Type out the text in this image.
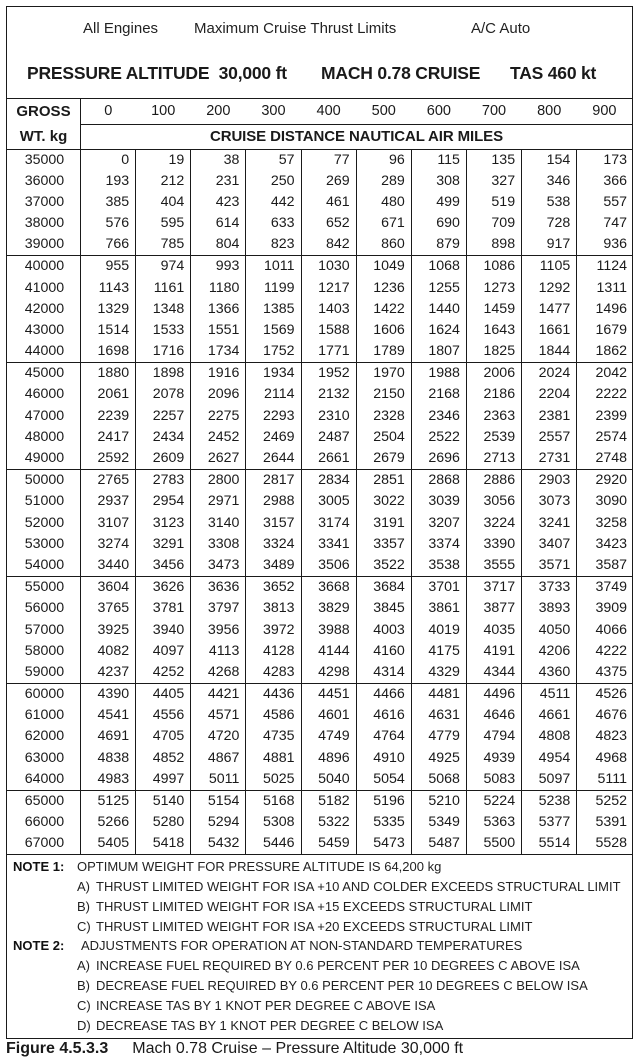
All Engines Maximum Cruise Thrust Limits	A/C Auto
PRESSURE ALTITUDE  30,000 ft MACH 0.78 CRUISE TAS 460 kt
GROSS	0	100	200	300	400	500	600	700	800	900
WT. kg	CRUISE DISTANCE NAUTICAL AIR MILES									
35000	0	19	38	57	77	96	115	135	154	173
36000	193	212	231	250	269	289	308	327	346	366
37000	385	404	423	442	461	480	499	519	538	557
38000	576	595	614	633	652	671	690	709	728	747
39000	766	785	804	823	842	860	879	898	917	936
40000	955	974	993	1011	1030	1049	1068	1086	1105	1124
41000	1143	1161	1180	1199	1217	1236	1255	1273	1292	1311
42000	1329	1348	1366	1385	1403	1422	1440	1459	1477	1496
43000	1514	1533	1551	1569	1588	1606	1624	1643	1661	1679
44000	1698	1716	1734	1752	1771	1789	1807	1825	1844	1862
45000	1880	1898	1916	1934	1952	1970	1988	2006	2024	2042
46000	2061	2078	2096	2114	2132	2150	2168	2186	2204	2222
47000	2239	2257	2275	2293	2310	2328	2346	2363	2381	2399
48000	2417	2434	2452	2469	2487	2504	2522	2539	2557	2574
49000	2592	2609	2627	2644	2661	2679	2696	2713	2731	2748
50000	2765	2783	2800	2817	2834	2851	2868	2886	2903	2920
51000	2937	2954	2971	2988	3005	3022	3039	3056	3073	3090
52000	3107	3123	3140	3157	3174	3191	3207	3224	3241	3258
53000	3274	3291	3308	3324	3341	3357	3374	3390	3407	3423
54000	3440	3456	3473	3489	3506	3522	3538	3555	3571	3587
55000	3604	3626	3636	3652	3668	3684	3701	3717	3733	3749
56000	3765	3781	3797	3813	3829	3845	3861	3877	3893	3909
57000	3925	3940	3956	3972	3988	4003	4019	4035	4050	4066
58000	4082	4097	4113	4128	4144	4160	4175	4191	4206	4222
59000	4237	4252	4268	4283	4298	4314	4329	4344	4360	4375
60000	4390	4405	4421	4436	4451	4466	4481	4496	4511	4526
61000	4541	4556	4571	4586	4601	4616	4631	4646	4661	4676
62000	4691	4705	4720	4735	4749	4764	4779	4794	4808	4823
63000	4838	4852	4867	4881	4896	4910	4925	4939	4954	4968
64000	4983	4997	5011	5025	5040	5054	5068	5083	5097	5111
65000	5125	5140	5154	5168	5182	5196	5210	5224	5238	5252
66000	5266	5280	5294	5308	5322	5335	5349	5363	5377	5391
67000	5405	5418	5432	5446	5459	5473	5487	5500	5514	5528
NOTE 1: OPTIMUM WEIGHT FOR PRESSURE ALTITUDE IS 64,200 kg
A) THRUST LIMITED WEIGHT FOR ISA +10 AND COLDER EXCEEDS STRUCTURAL LIMIT
B) THRUST LIMITED WEIGHT FOR ISA +15 EXCEEDS STRUCTURAL LIMIT
C) THRUST LIMITED WEIGHT FOR ISA +20 EXCEEDS STRUCTURAL LIMIT
NOTE 2: ADJUSTMENTS FOR OPERATION AT NON-STANDARD TEMPERATURES
A) INCREASE FUEL REQUIRED BY 0.6 PERCENT PER 10 DEGREES C ABOVE ISA
B) DECREASE FUEL REQUIRED BY 0.6 PERCENT PER 10 DEGREES C BELOW ISA
C) INCREASE TAS BY 1 KNOT PER DEGREE C ABOVE ISA
D) DECREASE TAS BY 1 KNOT PER DEGREE C BELOW ISA
Figure 4.5.3.3 Mach 0.78 Cruise – Pressure Altitude 30,000 ft
